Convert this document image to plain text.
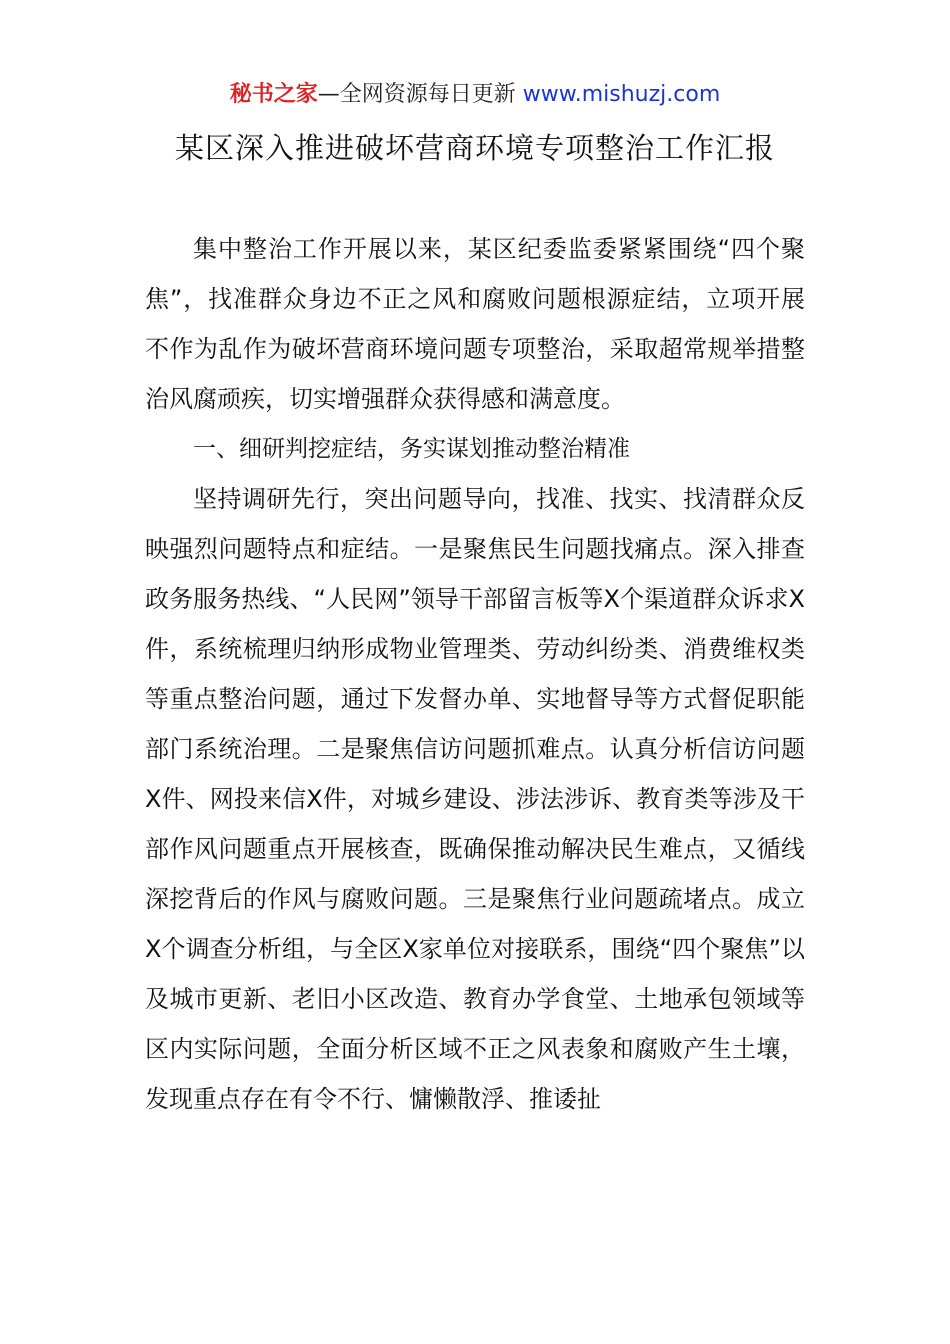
秘书之家—全网资源每日更新 www.mishuzj.com
某区深入推进破坏营商环境专项整治工作汇报

集中整治工作开展以来，某区纪委监委紧紧围绕“四个聚焦”，找准群众身边不正之风和腐败问题根源症结，立项开展不作为乱作为破坏营商环境问题专项整治，采取超常规举措整治风腐顽疾，切实增强群众获得感和满意度。

一、细研判挖症结，务实谋划推动整治精准

坚持调研先行，突出问题导向，找准、找实、找清群众反映强烈问题特点和症结。一是聚焦民生问题找痛点。深入排查政务服务热线、“人民网”领导干部留言板等X个渠道群众诉求X件，系统梳理归纳形成物业管理类、劳动纠纷类、消费维权类等重点整治问题，通过下发督办单、实地督导等方式督促职能部门系统治理。二是聚焦信访问题抓难点。认真分析信访问题X件、网投来信X件，对城乡建设、涉法涉诉、教育类等涉及干部作风问题重点开展核查，既确保推动解决民生难点，又循线深挖背后的作风与腐败问题。三是聚焦行业问题疏堵点。成立X个调查分析组，与全区X家单位对接联系，围绕“四个聚焦”以及城市更新、老旧小区改造、教育办学食堂、土地承包领域等区内实际问题，全面分析区域不正之风表象和腐败产生土壤，发现重点存在有令不行、慵懒散浮、推诿扯
